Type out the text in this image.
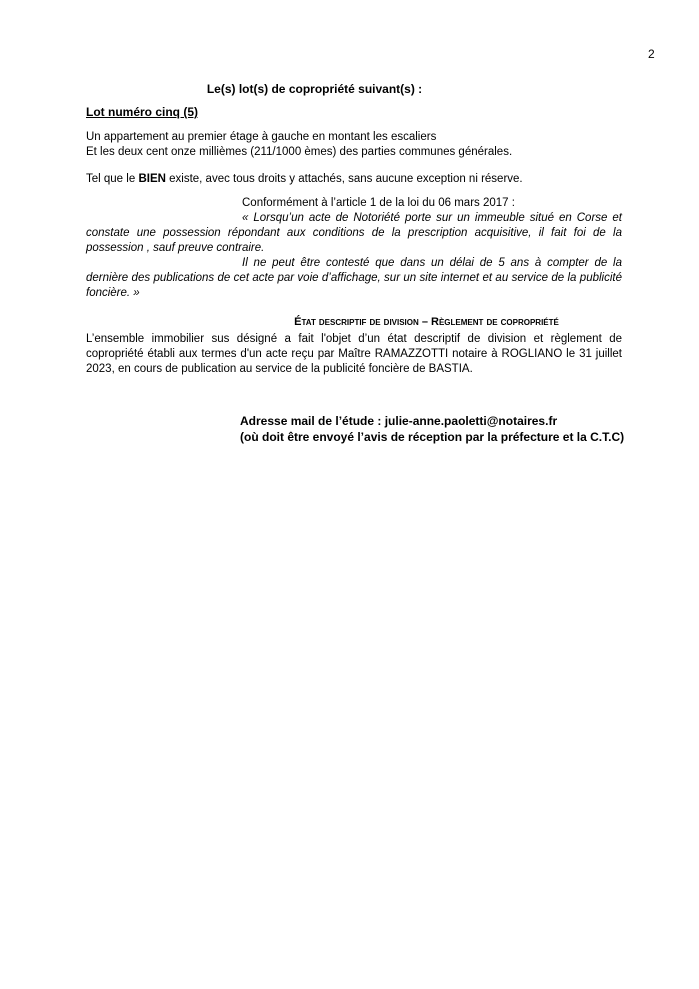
2
Le(s) lot(s) de copropriété suivant(s) :
Lot numéro cinq (5)
Un appartement au premier étage à gauche en montant les escaliers
Et les deux cent onze millièmes (211/1000 èmes) des parties communes générales.
Tel que le BIEN existe, avec tous droits y attachés, sans aucune exception ni réserve.
Conformément à l’article 1 de la loi du 06 mars 2017 :
« Lorsqu’un acte de Notoriété porte sur un immeuble situé en Corse et constate une possession répondant aux conditions de la prescription acquisitive, il fait foi de la possession , sauf preuve contraire.
Il ne peut être contesté que dans un délai de 5 ans à compter de la dernière des publications de cet acte par voie d’affichage, sur un site internet et au service de la publicité foncière. »
État descriptif de division – Règlement de copropriété
L’ensemble immobilier sus désigné a fait l'objet d’un état descriptif de division et règlement de copropriété établi aux termes d'un acte reçu par Maître RAMAZZOTTI notaire à ROGLIANO le 31 juillet 2023, en cours de publication au service de la publicité foncière de BASTIA.
Adresse mail de l’étude : julie-anne.paoletti@notaires.fr
(où doit être envoyé l’avis de réception par la préfecture et la C.T.C)
